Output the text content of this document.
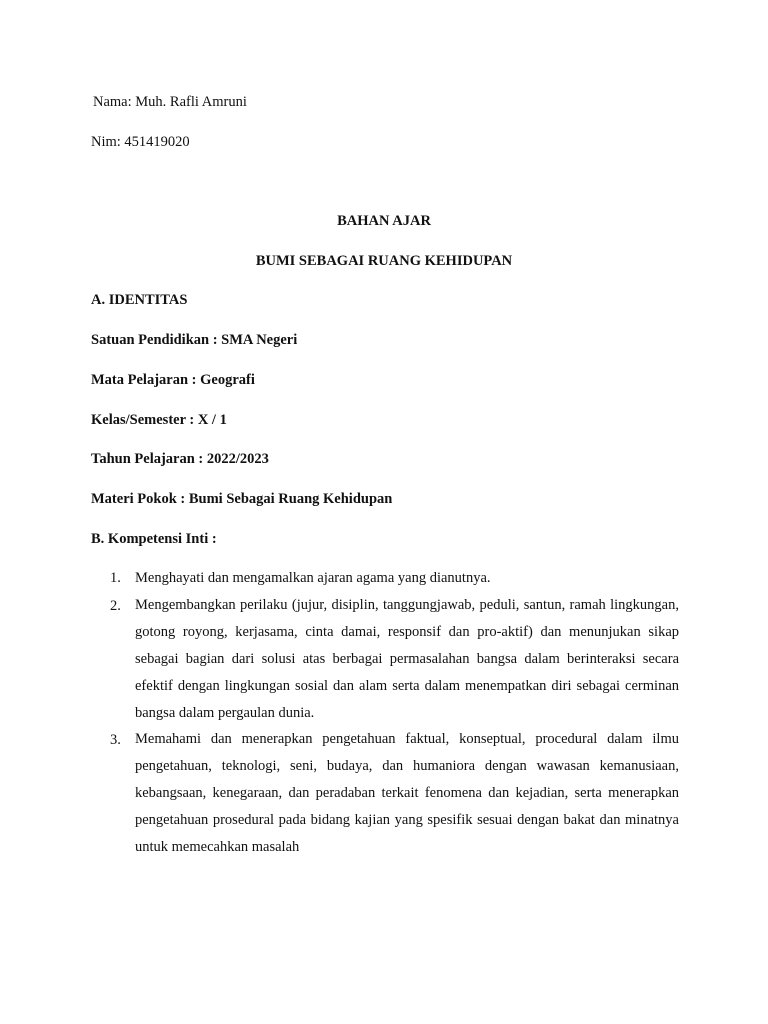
Nama: Muh. Rafli Amruni
Nim: 451419020
BAHAN AJAR
BUMI SEBAGAI RUANG KEHIDUPAN
A. IDENTITAS
Satuan Pendidikan : SMA Negeri
Mata Pelajaran : Geografi
Kelas/Semester : X / 1
Tahun Pelajaran : 2022/2023
Materi Pokok : Bumi Sebagai Ruang Kehidupan
B. Kompetensi Inti :
1. Menghayati dan mengamalkan ajaran agama yang dianutnya.
2. Mengembangkan perilaku (jujur, disiplin, tanggungjawab, peduli, santun, ramah lingkungan, gotong royong, kerjasama, cinta damai, responsif dan pro-aktif) dan menunjukan sikap sebagai bagian dari solusi atas berbagai permasalahan bangsa dalam berinteraksi secara efektif dengan lingkungan sosial dan alam serta dalam menempatkan diri sebagai cerminan bangsa dalam pergaulan dunia.
3. Memahami dan menerapkan pengetahuan faktual, konseptual, procedural dalam ilmu pengetahuan, teknologi, seni, budaya, dan humaniora dengan wawasan kemanusiaan, kebangsaan, kenegaraan, dan peradaban terkait fenomena dan kejadian, serta menerapkan pengetahuan prosedural pada bidang kajian yang spesifik sesuai dengan bakat dan minatnya untuk memecahkan masalah
